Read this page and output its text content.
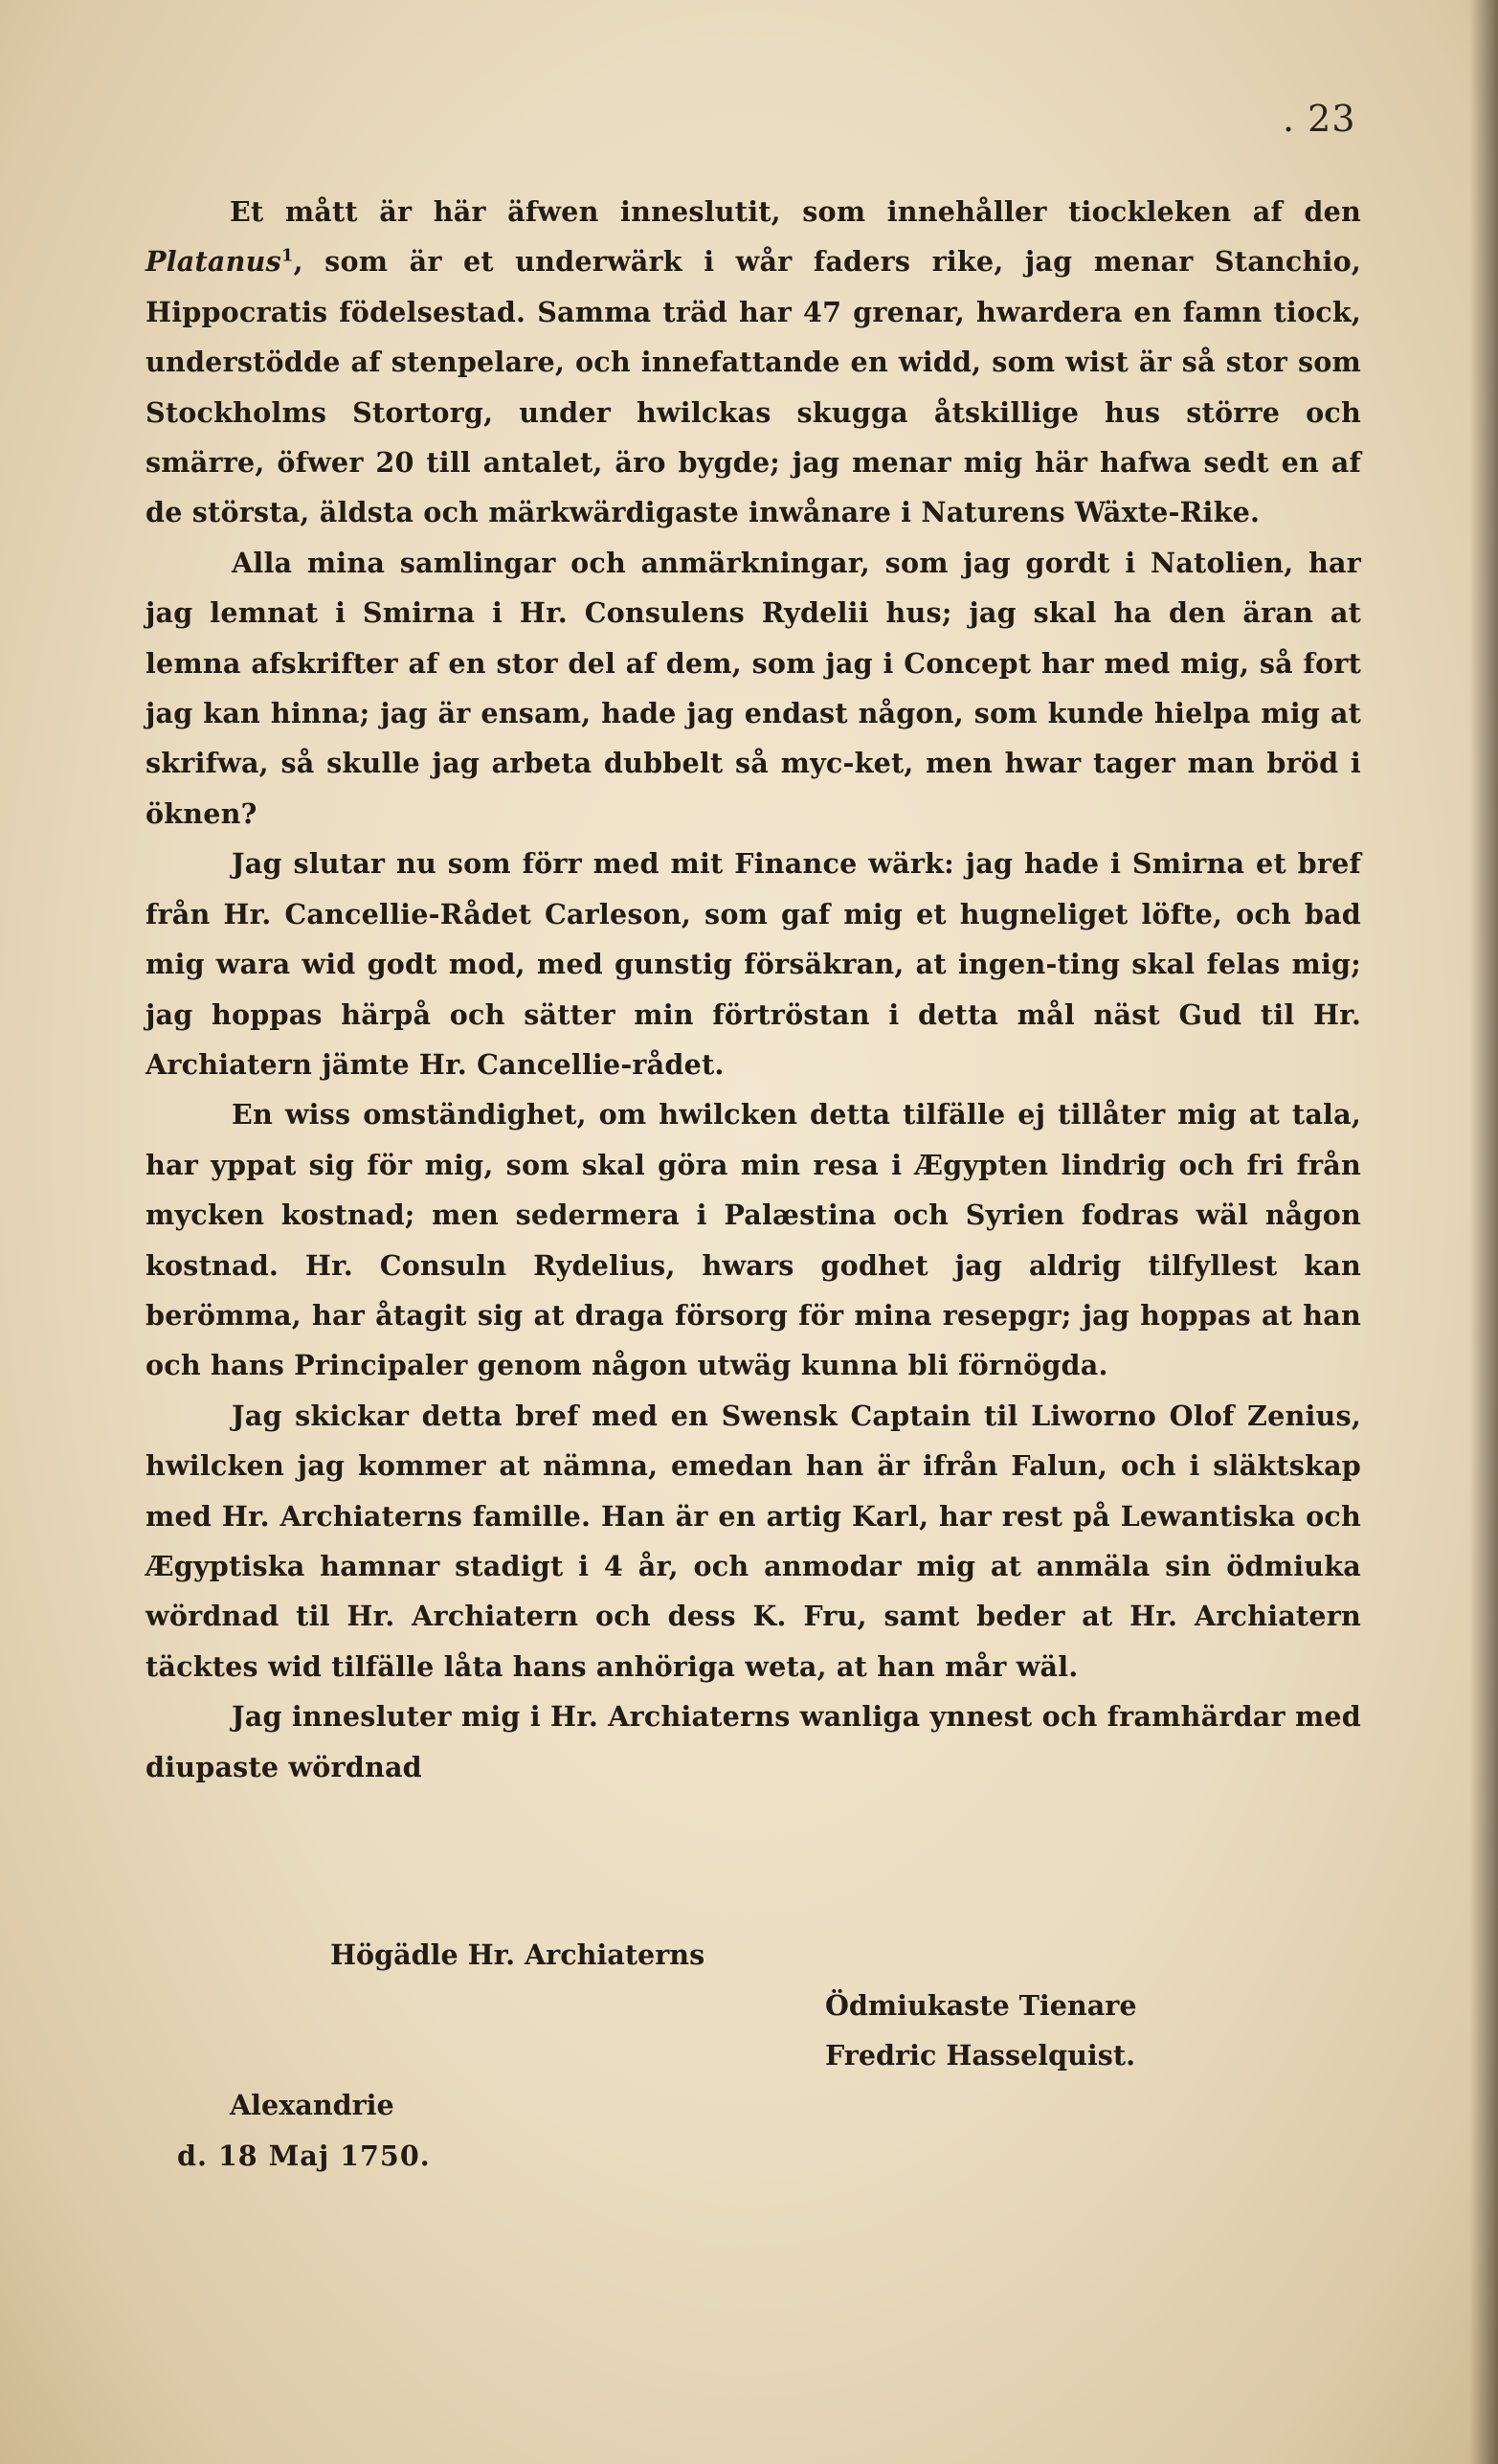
. 23

Et mått är här äfwen inneslutit, som innehåller tiockleken af den Platanus$^1$, som är et underwärk i wår faders rike, jag menar Stanchio, Hippocratis födelsestad. Samma träd har 47 grenar, hwardera en famn tiock, understödde af stenpelare, och innefattande en widd, som wist är så stor som Stockholms Stortorg, under hwilckas skugga åtskillige hus större och smärre, öfwer 20 till antalet, äro bygde; jag menar mig här hafwa sedt en af de största, äldsta och märkwärdigaste inwånare i Naturens Wäxte-Rike.

Alla mina samlingar och anmärkningar, som jag gordt i Natolien, har jag lemnat i Smirna i Hr. Consulens Rydelii hus; jag skal ha den äran at lemna afskrifter af en stor del af dem, som jag i Concept har med mig, så fort jag kan hinna; jag är ensam, hade jag endast någon, som kunde hielpa mig at skrifwa, så skulle jag arbeta dubbelt så myc-ket, men hwar tager man bröd i öknen?

Jag slutar nu som förr med mit Finance wärk: jag hade i Smirna et bref från Hr. Cancellie-Rådet Carleson, som gaf mig et hugneliget löfte, och bad mig wara wid godt mod, med gunstig försäkran, at ingen-ting skal felas mig; jag hoppas härpå och sätter min förtröstan i detta mål näst Gud til Hr. Archiatern jämte Hr. Cancellie-rådet.

En wiss omständighet, om hwilcken detta tilfälle ej tillåter mig at tala, har yppat sig för mig, som skal göra min resa i Ægypten lindrig och fri från mycken kostnad; men sedermera i Palæstina och Syrien fodras wäl någon kostnad. Hr. Consuln Rydelius, hwars godhet jag aldrig tilfyllest kan berömma, har åtagit sig at draga försorg för mina resepgr; jag hoppas at han och hans Principaler genom någon utwäg kunna bli förnögda.

Jag skickar detta bref med en Swensk Captain til Liworno Olof Zenius, hwilcken jag kommer at nämna, emedan han är ifrån Falun, och i släktskap med Hr. Archiaterns famille. Han är en artig Karl, har rest på Lewantiska och Ægyptiska hamnar stadigt i 4 år, och anmodar mig at anmäla sin ödmiuka wördnad til Hr. Archiatern och dess K. Fru, samt beder at Hr. Archiatern täcktes wid tilfälle låta hans anhöriga weta, at han mår wäl.

Jag innesluter mig i Hr. Archiaterns wanliga ynnest och framhärdar med diupaste wördnad

Högädle Hr. Archiaterns
Ödmiukaste Tienare
Fredric Hasselquist.
Alexandrie
d. 18 Maj 1750.
